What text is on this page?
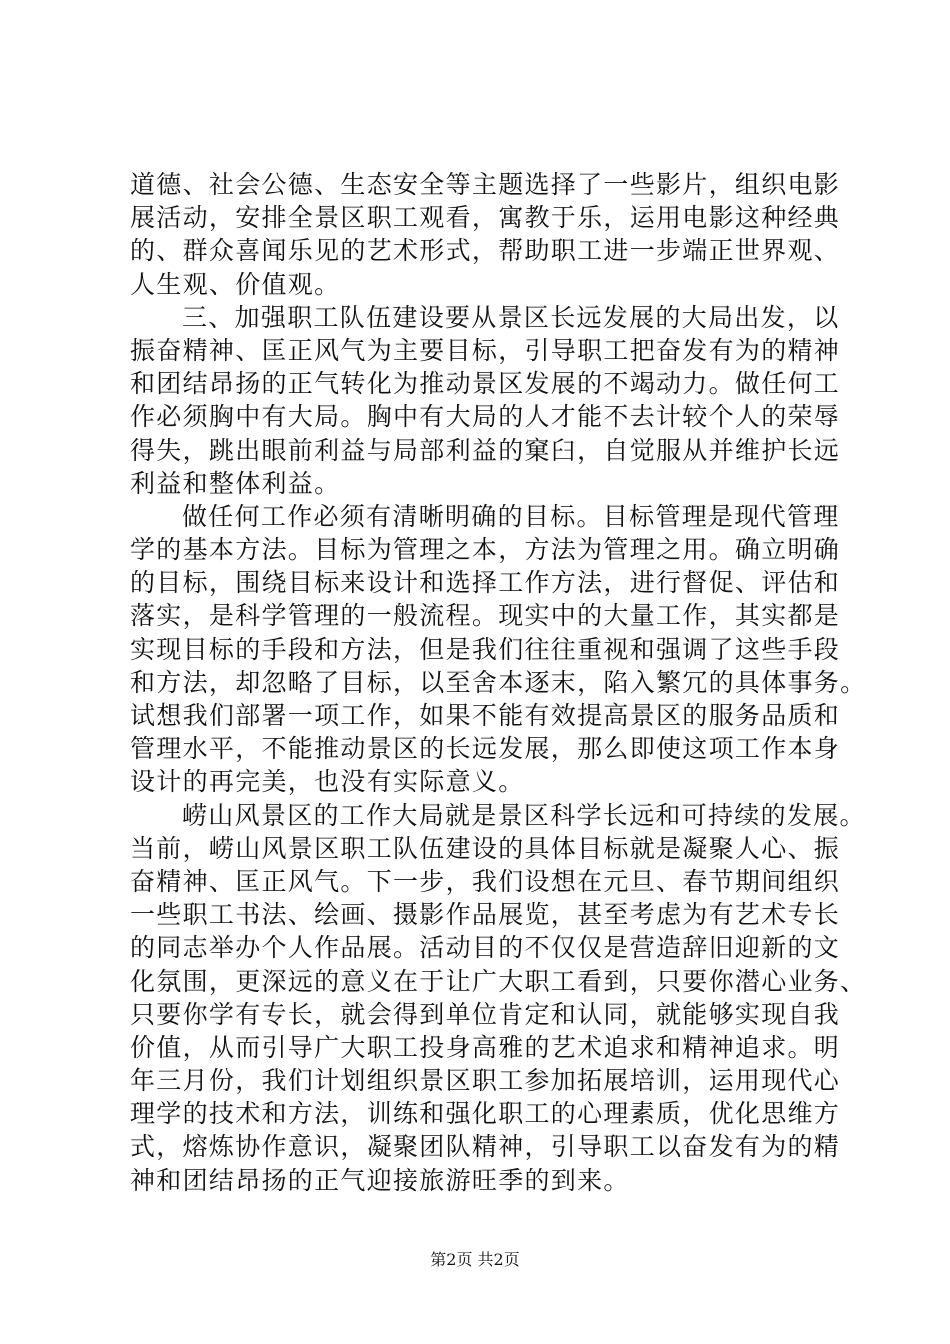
道德、社会公德、生态安全等主题选择了一些影片，组织电影
展活动，安排全景区职工观看，寓教于乐，运用电影这种经典
的、群众喜闻乐见的艺术形式，帮助职工进一步端正世界观、
人生观、价值观。
三、加强职工队伍建设要从景区长远发展的大局出发，以
振奋精神、匡正风气为主要目标，引导职工把奋发有为的精神
和团结昂扬的正气转化为推动景区发展的不竭动力。做任何工
作必须胸中有大局。胸中有大局的人才能不去计较个人的荣辱
得失，跳出眼前利益与局部利益的窠臼，自觉服从并维护长远
利益和整体利益。
做任何工作必须有清晰明确的目标。目标管理是现代管理
学的基本方法。目标为管理之本，方法为管理之用。确立明确
的目标，围绕目标来设计和选择工作方法，进行督促、评估和
落实，是科学管理的一般流程。现实中的大量工作，其实都是
实现目标的手段和方法，但是我们往往重视和强调了这些手段
和方法，却忽略了目标，以至舍本逐末，陷入繁冗的具体事务。
试想我们部署一项工作，如果不能有效提高景区的服务品质和
管理水平，不能推动景区的长远发展，那么即使这项工作本身
设计的再完美，也没有实际意义。
崂山风景区的工作大局就是景区科学长远和可持续的发展。
当前，崂山风景区职工队伍建设的具体目标就是凝聚人心、振
奋精神、匡正风气。下一步，我们设想在元旦、春节期间组织
一些职工书法、绘画、摄影作品展览，甚至考虑为有艺术专长
的同志举办个人作品展。活动目的不仅仅是营造辞旧迎新的文
化氛围，更深远的意义在于让广大职工看到，只要你潜心业务、
只要你学有专长，就会得到单位肯定和认同，就能够实现自我
价值，从而引导广大职工投身高雅的艺术追求和精神追求。明
年三月份，我们计划组织景区职工参加拓展培训，运用现代心
理学的技术和方法，训练和强化职工的心理素质，优化思维方
式，熔炼协作意识，凝聚团队精神，引导职工以奋发有为的精
神和团结昂扬的正气迎接旅游旺季的到来。
第2页 共2页
